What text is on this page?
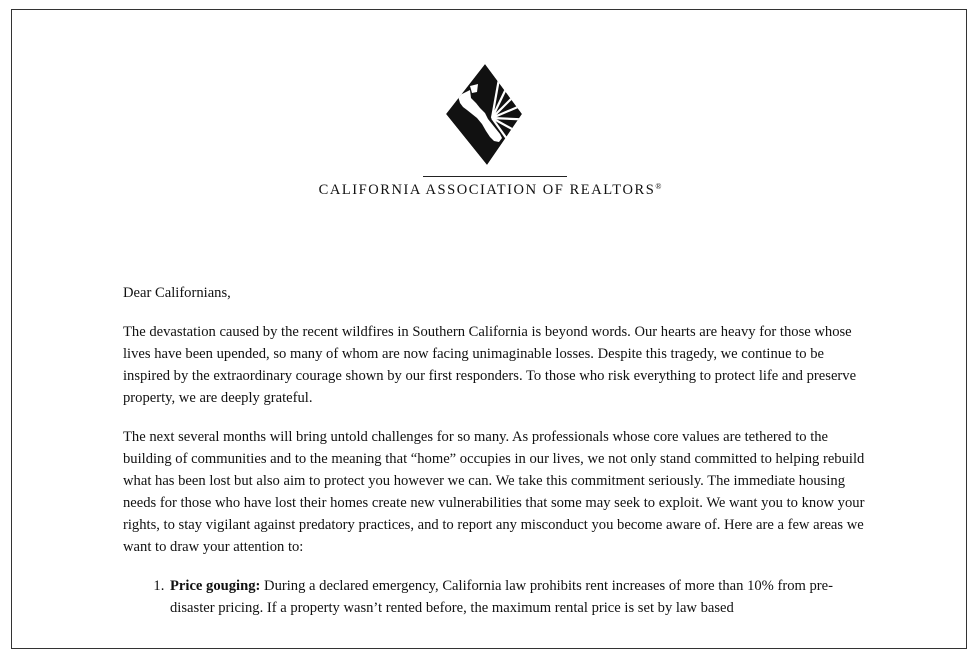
CALIFORNIA ASSOCIATION OF REALTORS®

Dear Californians,

The devastation caused by the recent wildfires in Southern California is beyond words. Our hearts are heavy for those whose lives have been upended, so many of whom are now facing unimaginable losses. Despite this tragedy, we continue to be inspired by the extraordinary courage shown by our first responders. To those who risk everything to protect life and preserve property, we are deeply grateful.

The next several months will bring untold challenges for so many. As professionals whose core values are tethered to the building of communities and to the meaning that “home” occupies in our lives, we not only stand committed to helping rebuild what has been lost but also aim to protect you however we can. We take this commitment seriously. The immediate housing needs for those who have lost their homes create new vulnerabilities that some may seek to exploit. We want you to know your rights, to stay vigilant against predatory practices, and to report any misconduct you become aware of. Here are a few areas we want to draw your attention to:

1. Price gouging: During a declared emergency, California law prohibits rent increases of more than 10% from pre-disaster pricing. If a property wasn’t rented before, the maximum rental price is set by law based
